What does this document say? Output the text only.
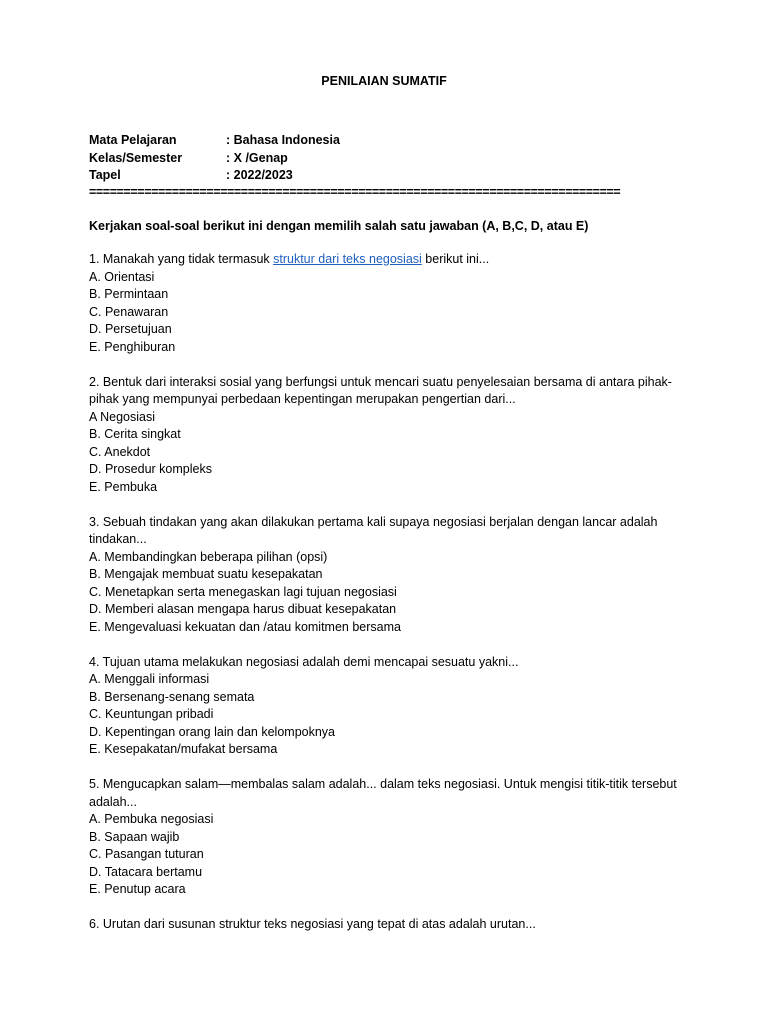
PENILAIAN SUMATIF
Mata Pelajaran	: Bahasa Indonesia
Kelas/Semester	: X /Genap
Tapel	: 2022/2023
=============================================================================
Kerjakan soal-soal berikut ini dengan memilih salah satu jawaban (A, B,C, D, atau E)
1. Manakah yang tidak termasuk struktur dari teks negosiasi berikut ini...
A. Orientasi
B. Permintaan
C. Penawaran
D. Persetujuan
E. Penghiburan
2. Bentuk dari interaksi sosial yang berfungsi untuk mencari suatu penyelesaian bersama di antara pihak-pihak yang mempunyai perbedaan kepentingan merupakan pengertian dari...
A Negosiasi
B. Cerita singkat
C. Anekdot
D. Prosedur kompleks
E. Pembuka
3. Sebuah tindakan yang akan dilakukan pertama kali supaya negosiasi berjalan dengan lancar adalah tindakan...
A. Membandingkan beberapa pilihan (opsi)
B. Mengajak membuat suatu kesepakatan
C. Menetapkan serta menegaskan lagi tujuan negosiasi
D. Memberi alasan mengapa harus dibuat kesepakatan
E. Mengevaluasi kekuatan dan /atau komitmen bersama
4. Tujuan utama melakukan negosiasi adalah demi mencapai sesuatu yakni...
A. Menggali informasi
B. Bersenang-senang semata
C. Keuntungan pribadi
D. Kepentingan orang lain dan kelompoknya
E. Kesepakatan/mufakat bersama
5. Mengucapkan salam—membalas salam adalah... dalam teks negosiasi. Untuk mengisi titik-titik tersebut adalah...
A. Pembuka negosiasi
B. Sapaan wajib
C. Pasangan tuturan
D. Tatacara bertamu
E. Penutup acara
6. Urutan dari susunan struktur teks negosiasi yang tepat di atas adalah urutan...
